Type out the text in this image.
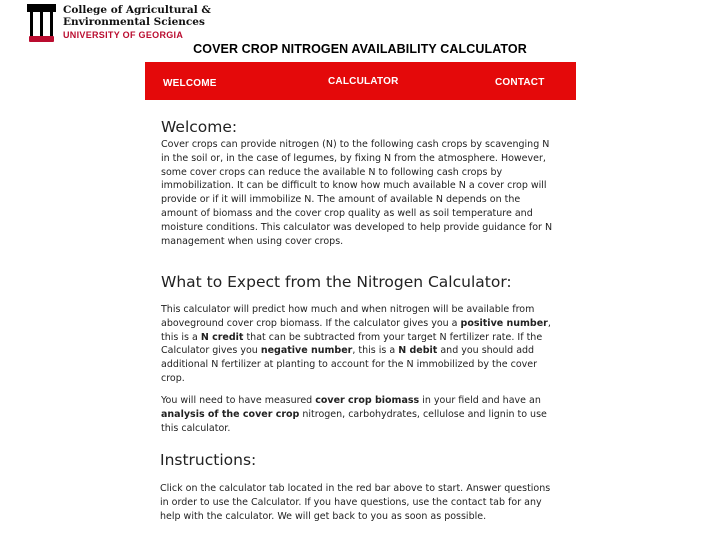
College of Agricultural &
Environmental Sciences
UNIVERSITY OF GEORGIA
COVER CROP NITROGEN AVAILABILITY CALCULATOR
WELCOME	CALCULATOR	CONTACT
Welcome:

Cover crops can provide nitrogen (N) to the following cash crops by scavenging N in the soil or, in the case of legumes, by fixing N from the atmosphere. However, some cover crops can reduce the available N to following cash crops by immobilization. It can be difficult to know how much available N a cover crop will provide or if it will immobilize N. The amount of available N depends on the amount of biomass and the cover crop quality as well as soil temperature and moisture conditions. This calculator was developed to help provide guidance for N management when using cover crops.

What to Expect from the Nitrogen Calculator:

This calculator will predict how much and when nitrogen will be available from aboveground cover crop biomass. If the calculator gives you a positive number, this is a N credit that can be subtracted from your target N fertilizer rate. If the Calculator gives you negative number, this is a N debit and you should add additional N fertilizer at planting to account for the N immobilized by the cover crop.

You will need to have measured cover crop biomass in your field and have an analysis of the cover crop nitrogen, carbohydrates, cellulose and lignin to use this calculator.

Instructions:

Click on the calculator tab located in the red bar above to start. Answer questions in order to use the Calculator. If you have questions, use the contact tab for any help with the calculator. We will get back to you as soon as possible.
